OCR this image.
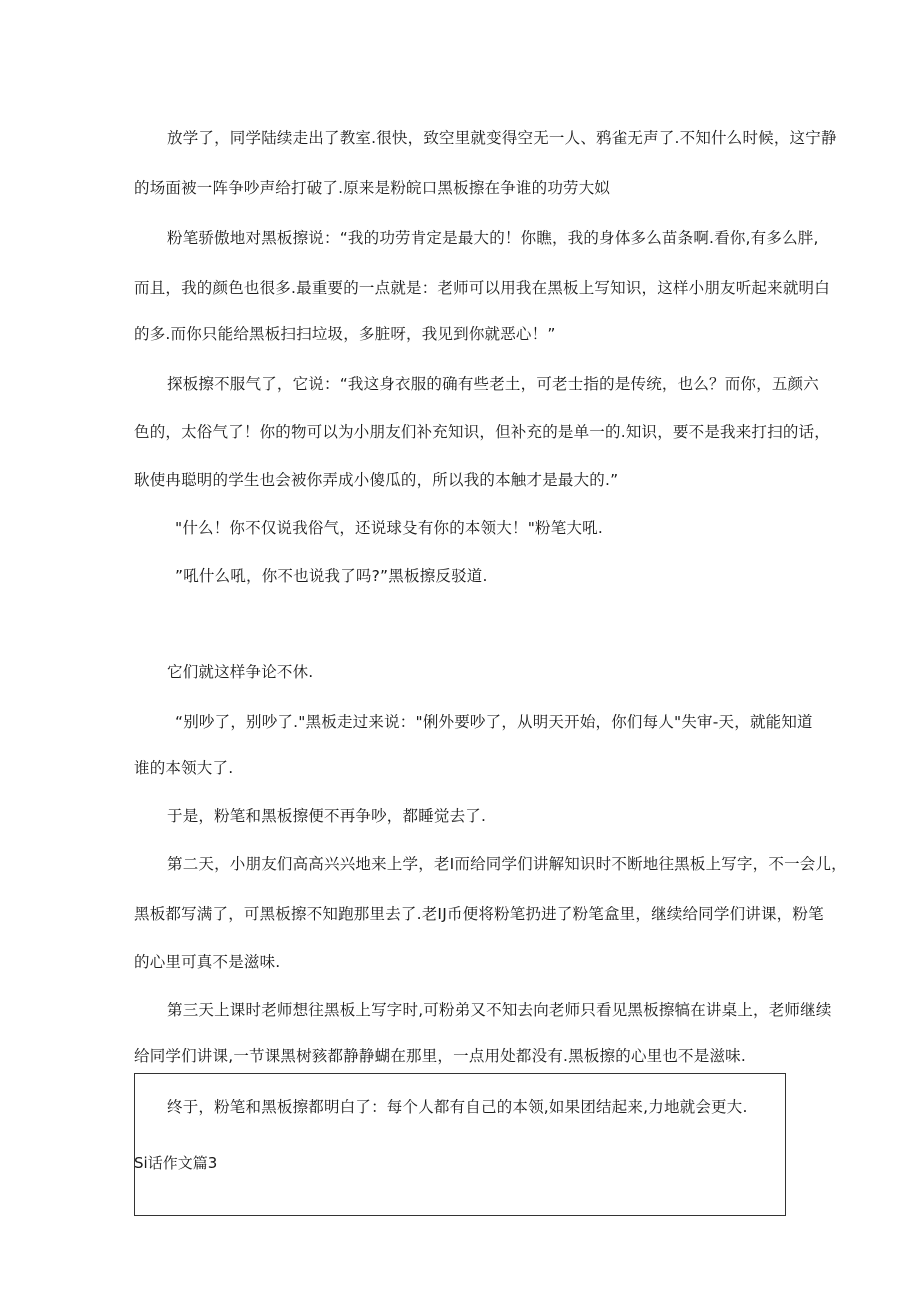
放学了，同学陆续走出了教室.很快，致空里就变得空无一人、鸦雀无声了.不知什么时候，这宁静
的场面被一阵争吵声给打破了.原来是粉皖口黑板擦在争谁的功劳大姒
粉笔骄傲地对黑板擦说：“我的功劳肯定是最大的！你瞧，我的身体多么苗条啊.看你,有多么胖,
而且，我的颜色也很多.最重要的一点就是：老师可以用我在黑板上写知识，这样小朋友听起来就明白
的多.而你只能给黑板扫扫垃圾，多脏呀，我见到你就恶心！”
探板擦不服气了，它说：“我这身衣服的确有些老土，可老士指的是传统，也么？而你，五颜六
色的，太俗气了！你的物可以为小朋友们补充知识，但补充的是单一的.知识，要不是我来打扫的话，
耿使冉聪明的学生也会被你弄成小傻瓜的，所以我的本触才是最大的.”
"什么！你不仅说我俗气，还说球殳有你的本领大！"粉笔大吼.
”吼什么吼，你不也说我了吗?”黑板擦反驳道.
它们就这样争论不休.
“别吵了，别吵了."黑板走过来说："俐外要吵了，从明天开始，你们每人"失审-天，就能知道
谁的本领大了.
于是，粉笔和黑板擦便不再争吵，都睡觉去了.
第二天，小朋友们高高兴兴地来上学，老I而给同学们讲解知识时不断地往黑板上写字，不一会儿，
黑板都写满了，可黑板擦不知跑那里去了.老IJ币便将粉笔扔进了粉笔盒里，继续给同学们讲课，粉笔
的心里可真不是滋味.
第三天上课时老师想往黑板上写字时,可粉弟又不知去向老师只看见黑板擦犒在讲桌上，老师继续
给同学们讲课,一节课黑树豥都静静蝴在那里，一点用处都没有.黑板擦的心里也不是滋味.
终于，粉笔和黑板擦都明白了：每个人都有自己的本领,如果团结起来,力地就会更大.
Si话作文篇3
